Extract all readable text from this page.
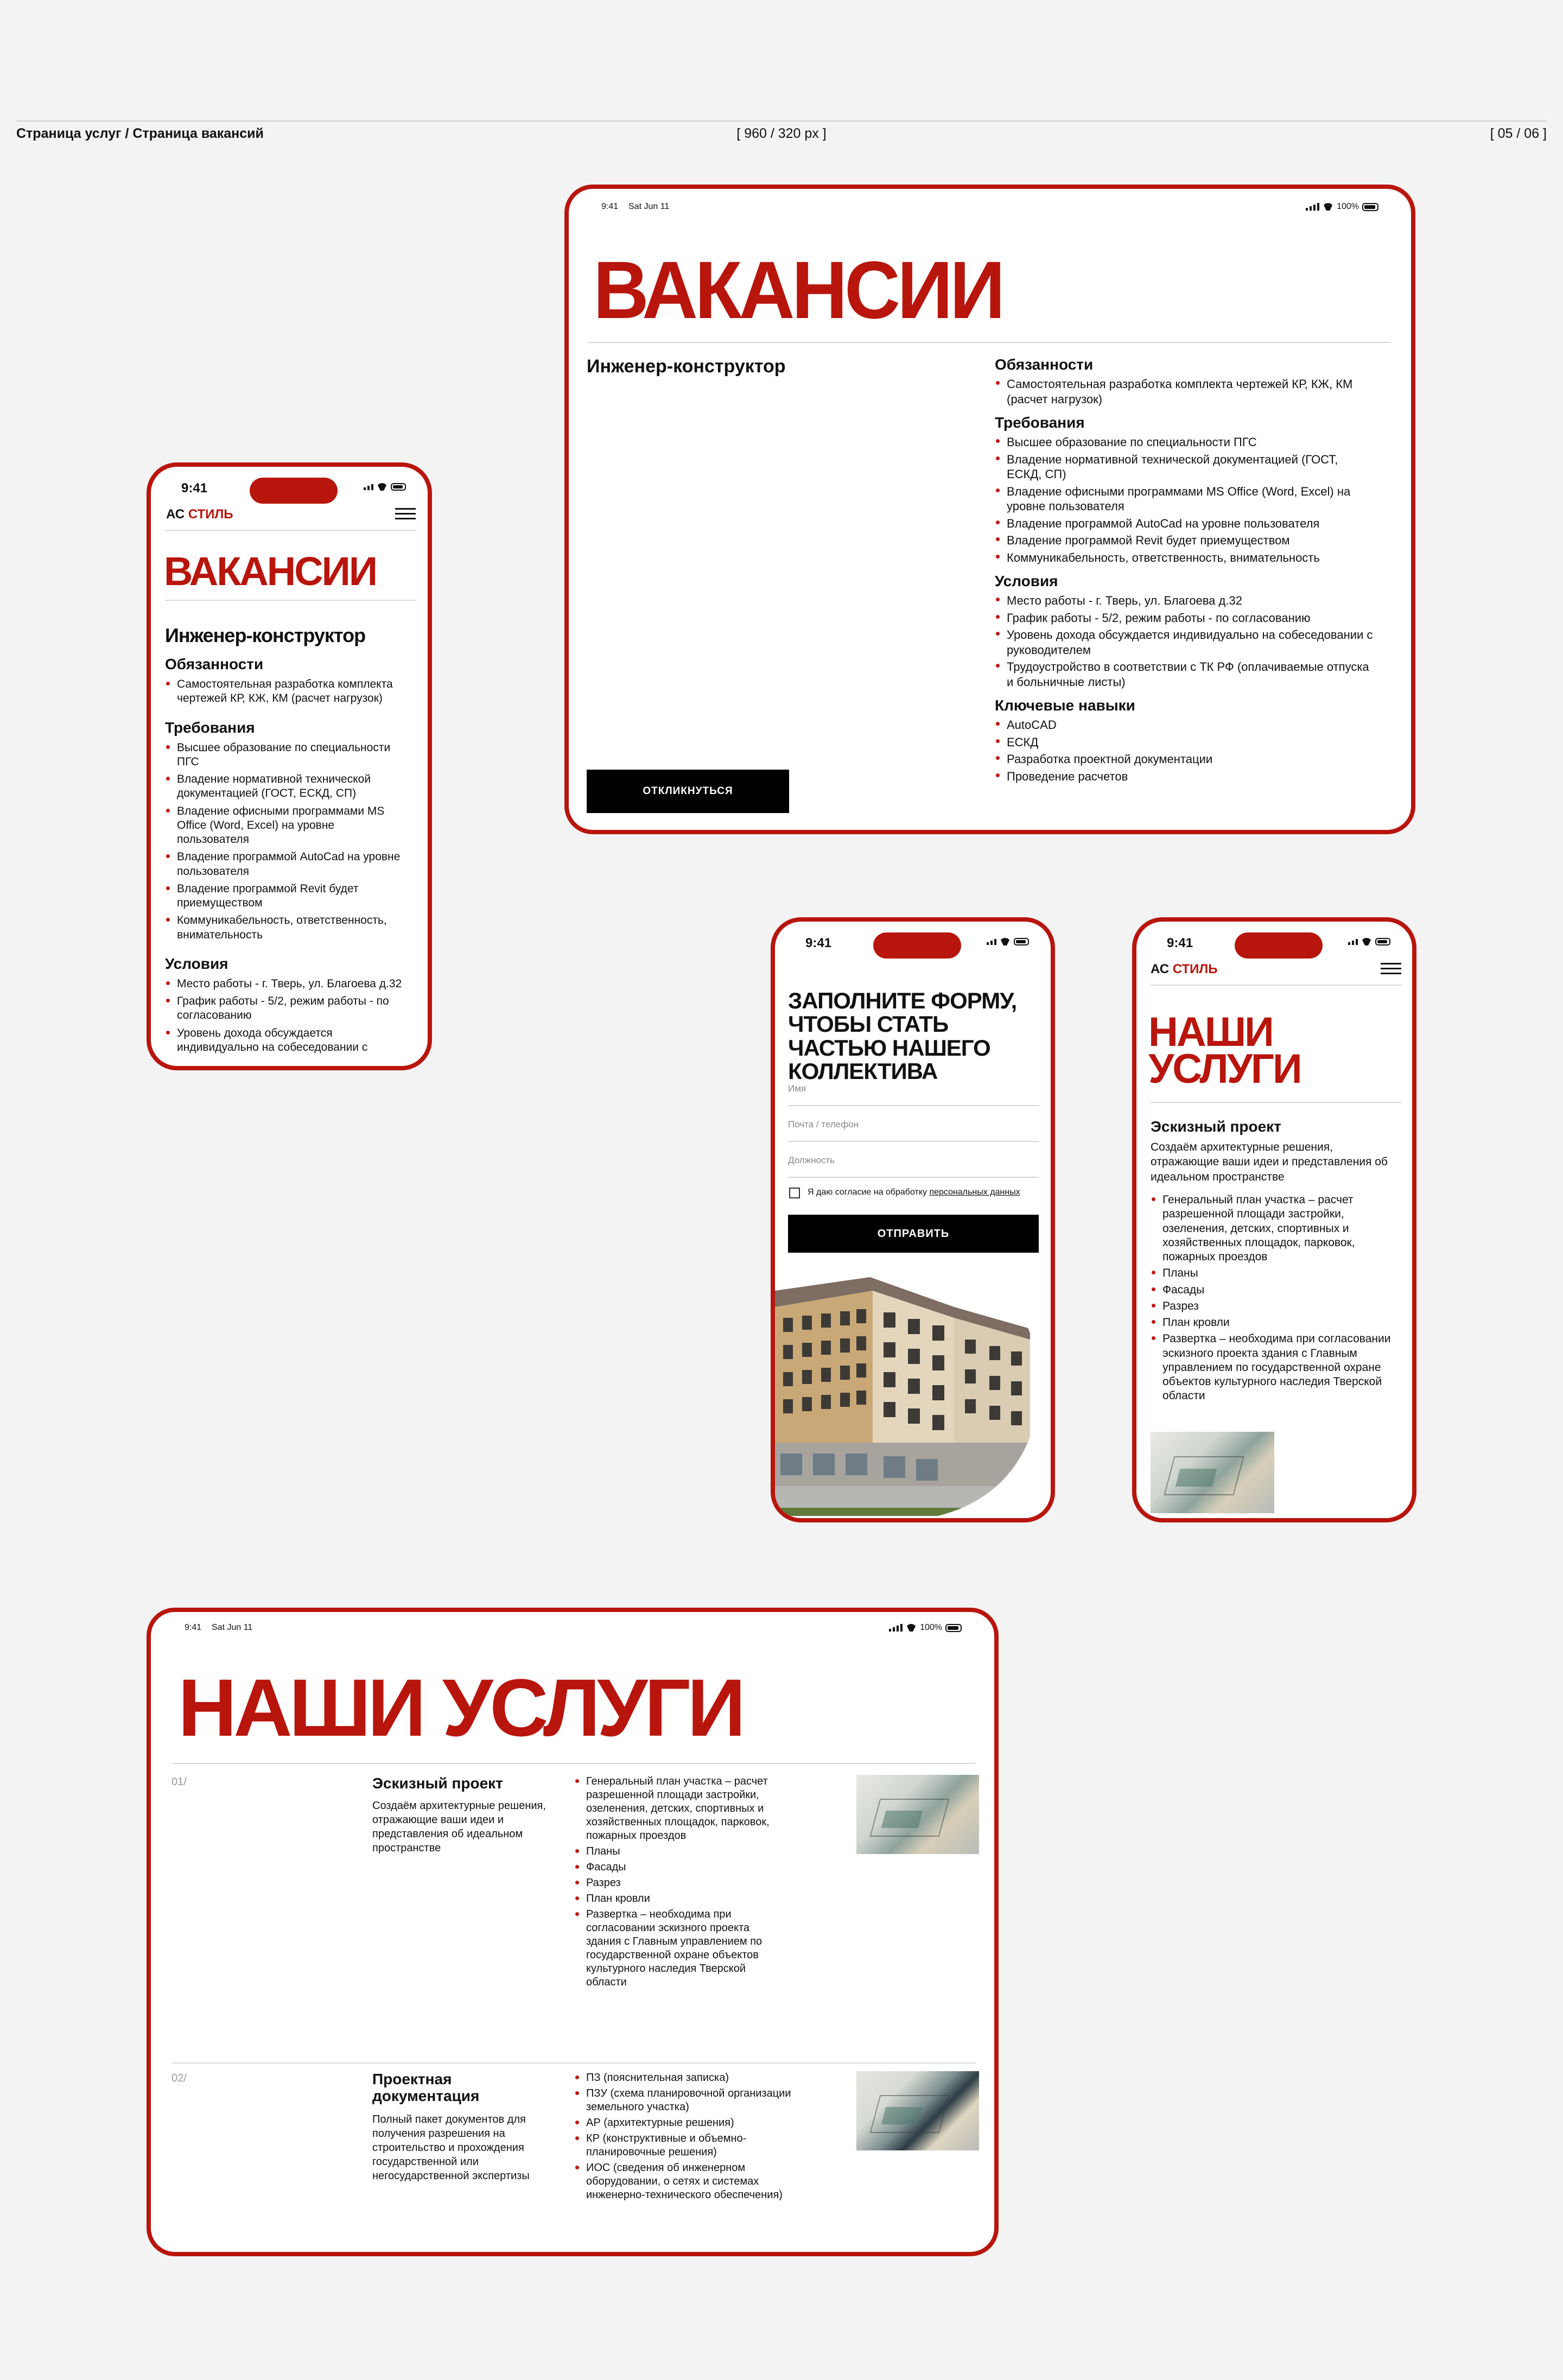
Страница услуг / Страница вакансий	[ 960 / 320 px ]	[ 05 / 06 ]
9:41 Sat Jun 11	100%
ВАКАНСИИ
Инженер-конструктор	Обязанности
Самостоятельная разработка комплекта чертежей КР, КЖ, КМ (расчет нагрузок)
Требования
Высшее образование по специальности ПГС
Владение нормативной технической документацией (ГОСТ, ЕСКД, СП)
Владение офисными программами MS Office (Word, Excel) на уровне пользователя
Владение программой AutoCad на уровне пользователя
Владение программой Revit будет приемуществом
Коммуникабельность, ответственность, внимательность
Условия
Место работы - г. Тверь, ул. Благоева д.32
График работы - 5/2, режим работы - по согласованию
Уровень дохода обсуждается индивидуально на собеседовании с руководителем
Трудоустройство в соответствии с ТК РФ (оплачиваемые отпуска и больничные листы)
Ключевые навыки
AutoCAD
ЕСКД
Разработка проектной документации
Проведение расчетов
ОТКЛИКНУТЬСЯ
9:41
АС СТИЛЬ
ВАКАНСИИ
Инженер-конструктор
Обязанности
Самостоятельная разработка комплекта чертежей КР, КЖ, КМ (расчет нагрузок)
Требования
Высшее образование по специальности ПГС
Владение нормативной технической документацией (ГОСТ, ЕСКД, СП)
Владение офисными программами MS Office (Word, Excel) на уровне пользователя
Владение программой AutoCad на уровне пользователя
Владение программой Revit будет приемуществом
Коммуникабельность, ответственность, внимательность
Условия
Место работы - г. Тверь, ул. Благоева д.32
График работы - 5/2, режим работы - по согласованию
Уровень дохода обсуждается индивидуально на собеседовании с
9:41
ЗАПОЛНИТЕ ФОРМУ, ЧТОБЫ СТАТЬ ЧАСТЬЮ НАШЕГО КОЛЛЕКТИВА
Имя
Почта / телефон
Должность
Я даю согласие на обработку персональных данных
ОТПРАВИТЬ
9:41
АС СТИЛЬ
НАШИ УСЛУГИ
Эскизный проект
Создаём архитектурные решения, отражающие ваши идеи и представления об идеальном пространстве
Генеральный план участка – расчет разрешенной площади застройки, озеленения, детских, спортивных и хозяйственных площадок, парковок, пожарных проездов
Планы
Фасады
Разрез
План кровли
Развертка – необходима при согласовании эскизного проекта здания с Главным управлением по государственной охране объектов культурного наследия Тверской области
9:41 Sat Jun 11	100%
НАШИ УСЛУГИ
01/	Эскизный проект
Создаём архитектурные решения, отражающие ваши идеи и представления об идеальном пространстве
Генеральный план участка – расчет разрешенной площади застройки, озеленения, детских, спортивных и хозяйственных площадок, парковок, пожарных проездов
Планы
Фасады
Разрез
План кровли
Развертка – необходима при согласовании эскизного проекта здания с Главным управлением по государственной охране объектов культурного наследия Тверской области
02/	Проектная документация
Полный пакет документов для получения разрешения на строительство и прохождения государственной или негосударственной экспертизы
ПЗ (пояснительная записка)
ПЗУ (схема планировочной организации земельного участка)
АР (архитектурные решения)
КР (конструктивные и объемно-планировочные решения)
ИОС (сведения об инженерном оборудовании, о сетях и системах инженерно-технического обеспечения)
